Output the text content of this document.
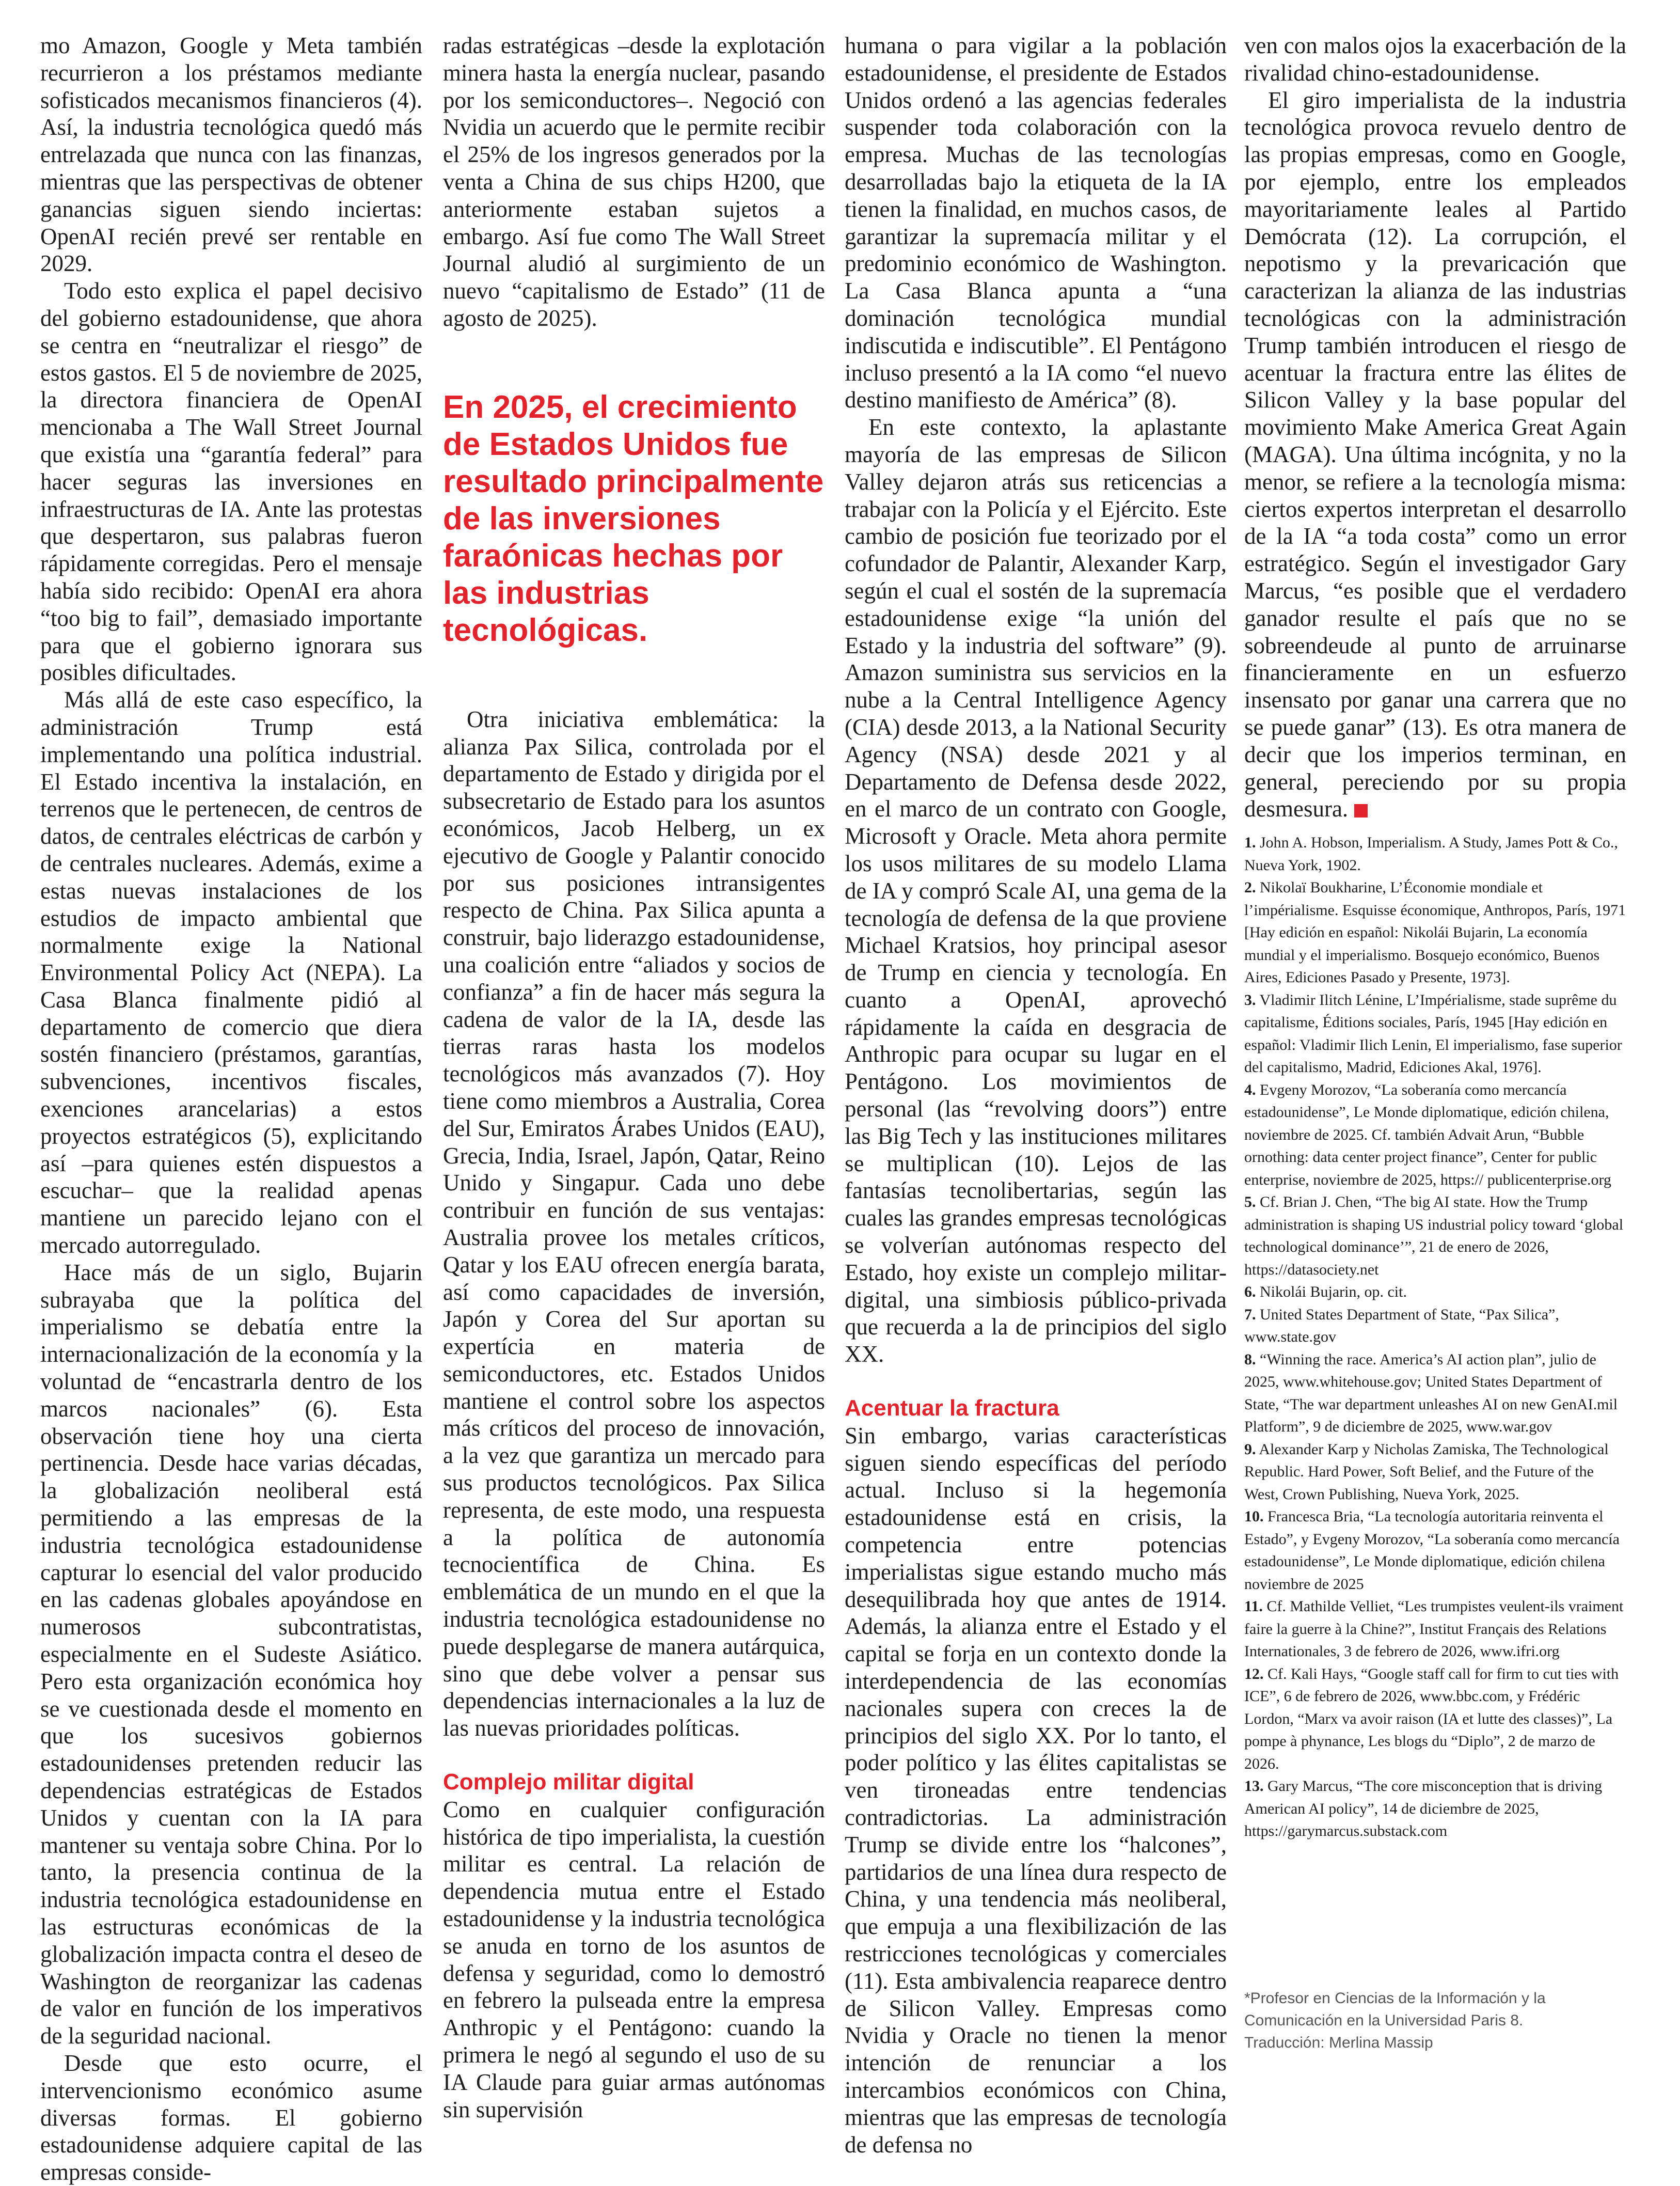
mo Amazon, Google y Meta también recurrieron a los préstamos mediante sofisticados mecanismos financieros (4). Así, la industria tecnológica quedó más entrelazada que nunca con las finanzas, mientras que las perspectivas de obtener ganancias siguen siendo inciertas: OpenAI recién prevé ser rentable en 2029.

Todo esto explica el papel decisivo del gobierno estadounidense, que ahora se centra en “neutralizar el riesgo” de estos gastos. El 5 de noviembre de 2025, la directora financiera de OpenAI mencionaba a The Wall Street Journal que existía una “garantía federal” para hacer seguras las inversiones en infraestructuras de IA. Ante las protestas que despertaron, sus palabras fueron rápidamente corregidas. Pero el mensaje había sido recibido: OpenAI era ahora “too big to fail”, demasiado importante para que el gobierno ignorara sus posibles dificultades.

Más allá de este caso específico, la administración Trump está implementando una política industrial. El Estado incentiva la instalación, en terrenos que le pertenecen, de centros de datos, de centrales eléctricas de carbón y de centrales nucleares. Además, exime a estas nuevas instalaciones de los estudios de impacto ambiental que normalmente exige la National Environmental Policy Act (NEPA). La Casa Blanca finalmente pidió al departamento de comercio que diera sostén financiero (préstamos, garantías, subvenciones, incentivos fiscales, exenciones arancelarias) a estos proyectos estratégicos (5), explicitando así –para quienes estén dispuestos a escuchar– que la realidad apenas mantiene un parecido lejano con el mercado autorregulado.

Hace más de un siglo, Bujarin subrayaba que la política del imperialismo se debatía entre la internacionalización de la economía y la voluntad de “encastrarla dentro de los marcos nacionales” (6). Esta observación tiene hoy una cierta pertinencia. Desde hace varias décadas, la globalización neoliberal está permitiendo a las empresas de la industria tecnológica estadounidense capturar lo esencial del valor producido en las cadenas globales apoyándose en numerosos subcontratistas, especialmente en el Sudeste Asiático. Pero esta organización económica hoy se ve cuestionada desde el momento en que los sucesivos gobiernos estadounidenses pretenden reducir las dependencias estratégicas de Estados Unidos y cuentan con la IA para mantener su ventaja sobre China. Por lo tanto, la presencia continua de la industria tecnológica estadounidense en las estructuras económicas de la globalización impacta contra el deseo de Washington de reorganizar las cadenas de valor en función de los imperativos de la seguridad nacional.

Desde que esto ocurre, el intervencionismo económico asume diversas formas. El gobierno estadounidense adquiere capital de las empresas conside-

radas estratégicas –desde la explotación minera hasta la energía nuclear, pasando por los semiconductores–. Negoció con Nvidia un acuerdo que le permite recibir el 25% de los ingresos generados por la venta a China de sus chips H200, que anteriormente estaban sujetos a embargo. Así fue como The Wall Street Journal aludió al surgimiento de un nuevo “capitalismo de Estado” (11 de agosto de 2025).

En 2025, el crecimiento de Estados Unidos fue resultado principalmente de las inversiones faraónicas hechas por las industrias tecnológicas.

Otra iniciativa emblemática: la alianza Pax Silica, controlada por el departamento de Estado y dirigida por el subsecretario de Estado para los asuntos económicos, Jacob Helberg, un ex ejecutivo de Google y Palantir conocido por sus posiciones intransigentes respecto de China. Pax Silica apunta a construir, bajo liderazgo estadounidense, una coalición entre “aliados y socios de confianza” a fin de hacer más segura la cadena de valor de la IA, desde las tierras raras hasta los modelos tecnológicos más avanzados (7). Hoy tiene como miembros a Australia, Corea del Sur, Emiratos Árabes Unidos (EAU), Grecia, India, Israel, Japón, Qatar, Reino Unido y Singapur. Cada uno debe contribuir en función de sus ventajas: Australia provee los metales críticos, Qatar y los EAU ofrecen energía barata, así como capacidades de inversión, Japón y Corea del Sur aportan su expertícia en materia de semiconductores, etc. Estados Unidos mantiene el control sobre los aspectos más críticos del proceso de innovación, a la vez que garantiza un mercado para sus productos tecnológicos. Pax Silica representa, de este modo, una respuesta a la política de autonomía tecnocientífica de China. Es emblemática de un mundo en el que la industria tecnológica estadounidense no puede desplegarse de manera autárquica, sino que debe volver a pensar sus dependencias internacionales a la luz de las nuevas prioridades políticas.

Complejo militar digital

Como en cualquier configuración histórica de tipo imperialista, la cuestión militar es central. La relación de dependencia mutua entre el Estado estadounidense y la industria tecnológica se anuda en torno de los asuntos de defensa y seguridad, como lo demostró en febrero la pulseada entre la empresa Anthropic y el Pentágono: cuando la primera le negó al segundo el uso de su IA Claude para guiar armas autónomas sin supervisión

humana o para vigilar a la población estadounidense, el presidente de Estados Unidos ordenó a las agencias federales suspender toda colaboración con la empresa. Muchas de las tecnologías desarrolladas bajo la etiqueta de la IA tienen la finalidad, en muchos casos, de garantizar la supremacía militar y el predominio económico de Washington. La Casa Blanca apunta a “una dominación tecnológica mundial indiscutida e indiscutible”. El Pentágono incluso presentó a la IA como “el nuevo destino manifiesto de América” (8).

En este contexto, la aplastante mayoría de las empresas de Silicon Valley dejaron atrás sus reticencias a trabajar con la Policía y el Ejército. Este cambio de posición fue teorizado por el cofundador de Palantir, Alexander Karp, según el cual el sostén de la supremacía estadounidense exige “la unión del Estado y la industria del software” (9). Amazon suministra sus servicios en la nube a la Central Intelligence Agency (CIA) desde 2013, a la National Security Agency (NSA) desde 2021 y al Departamento de Defensa desde 2022, en el marco de un contrato con Google, Microsoft y Oracle. Meta ahora permite los usos militares de su modelo Llama de IA y compró Scale AI, una gema de la tecnología de defensa de la que proviene Michael Kratsios, hoy principal asesor de Trump en ciencia y tecnología. En cuanto a OpenAI, aprovechó rápidamente la caída en desgracia de Anthropic para ocupar su lugar en el Pentágono. Los movimientos de personal (las “revolving doors”) entre las Big Tech y las instituciones militares se multiplican (10). Lejos de las fantasías tecnolibertarias, según las cuales las grandes empresas tecnológicas se volverían autónomas respecto del Estado, hoy existe un complejo militar-digital, una simbiosis público-privada que recuerda a la de principios del siglo XX.

Acentuar la fractura

Sin embargo, varias características siguen siendo específicas del período actual. Incluso si la hegemonía estadounidense está en crisis, la competencia entre potencias imperialistas sigue estando mucho más desequilibrada hoy que antes de 1914. Además, la alianza entre el Estado y el capital se forja en un contexto donde la interdependencia de las economías nacionales supera con creces la de principios del siglo XX. Por lo tanto, el poder político y las élites capitalistas se ven tironeadas entre tendencias contradictorias. La administración Trump se divide entre los “halcones”, partidarios de una línea dura respecto de China, y una tendencia más neoliberal, que empuja a una flexibilización de las restricciones tecnológicas y comerciales (11). Esta ambivalencia reaparece dentro de Silicon Valley. Empresas como Nvidia y Oracle no tienen la menor intención de renunciar a los intercambios económicos con China, mientras que las empresas de tecnología de defensa no

ven con malos ojos la exacerbación de la rivalidad chino-estadounidense.

El giro imperialista de la industria tecnológica provoca revuelo dentro de las propias empresas, como en Google, por ejemplo, entre los empleados mayoritariamente leales al Partido Demócrata (12). La corrupción, el nepotismo y la prevaricación que caracterizan la alianza de las industrias tecnológicas con la administración Trump también introducen el riesgo de acentuar la fractura entre las élites de Silicon Valley y la base popular del movimiento Make America Great Again (MAGA). Una última incógnita, y no la menor, se refiere a la tecnología misma: ciertos expertos interpretan el desarrollo de la IA “a toda costa” como un error estratégico. Según el investigador Gary Marcus, “es posible que el verdadero ganador resulte el país que no se sobreendeude al punto de arruinarse financieramente en un esfuerzo insensato por ganar una carrera que no se puede ganar” (13). Es otra manera de decir que los imperios terminan, en general, pereciendo por su propia desmesura.

1. John A. Hobson, Imperialism. A Study, James Pott & Co., Nueva York, 1902.
2. Nikolaï Boukharine, L’Économie mondiale et l’impérialisme. Esquisse économique, Anthropos, París, 1971 [Hay edición en español: Nikolái Bujarin, La economía mundial y el imperialismo. Bosquejo económico, Buenos Aires, Ediciones Pasado y Presente, 1973].
3. Vladimir Ilitch Lénine, L’Impérialisme, stade suprême du capitalisme, Éditions sociales, París, 1945 [Hay edición en español: Vladimir Ilich Lenin, El imperialismo, fase superior del capitalismo, Madrid, Ediciones Akal, 1976].
4. Evgeny Morozov, “La soberanía como mercancía estadounidense”, Le Monde diplomatique, edición chilena, noviembre de 2025. Cf. también Advait Arun, “Bubble ornothing: data center project finance”, Center for public enterprise, noviembre de 2025, https:// publicenterprise.org
5. Cf. Brian J. Chen, “The big AI state. How the Trump administration is shaping US industrial policy toward ‘global technological dominance’”, 21 de enero de 2026, https://datasociety.net
6. Nikolái Bujarin, op. cit.
7. United States Department of State, “Pax Silica”, www.state.gov
8. “Winning the race. America’s AI action plan”, julio de 2025, www.whitehouse.gov; United States Department of State, “The war department unleashes AI on new GenAI.mil Platform”, 9 de diciembre de 2025, www.war.gov
9. Alexander Karp y Nicholas Zamiska, The Technological Republic. Hard Power, Soft Belief, and the Future of the West, Crown Publishing, Nueva York, 2025.
10. Francesca Bria, “La tecnología autoritaria reinventa el Estado”, y Evgeny Morozov, “La soberanía como mercancía estadounidense”, Le Monde diplomatique, edición chilena noviembre de 2025
11. Cf. Mathilde Velliet, “Les trumpistes veulent-ils vraiment faire la guerre à la Chine?”, Institut Français des Relations Internationales, 3 de febrero de 2026, www.ifri.org
12. Cf. Kali Hays, “Google staff call for firm to cut ties with ICE”, 6 de febrero de 2026, www.bbc.com, y Frédéric Lordon, “Marx va avoir raison (IA et lutte des classes)”, La pompe à phynance, Les blogs du “Diplo”, 2 de marzo de 2026.
13. Gary Marcus, “The core misconception that is driving American AI policy”, 14 de diciembre de 2025, https://garymarcus.substack.com
*Profesor en Ciencias de la Información y la Comunicación en la Universidad Paris 8.
Traducción: Merlina Massip
